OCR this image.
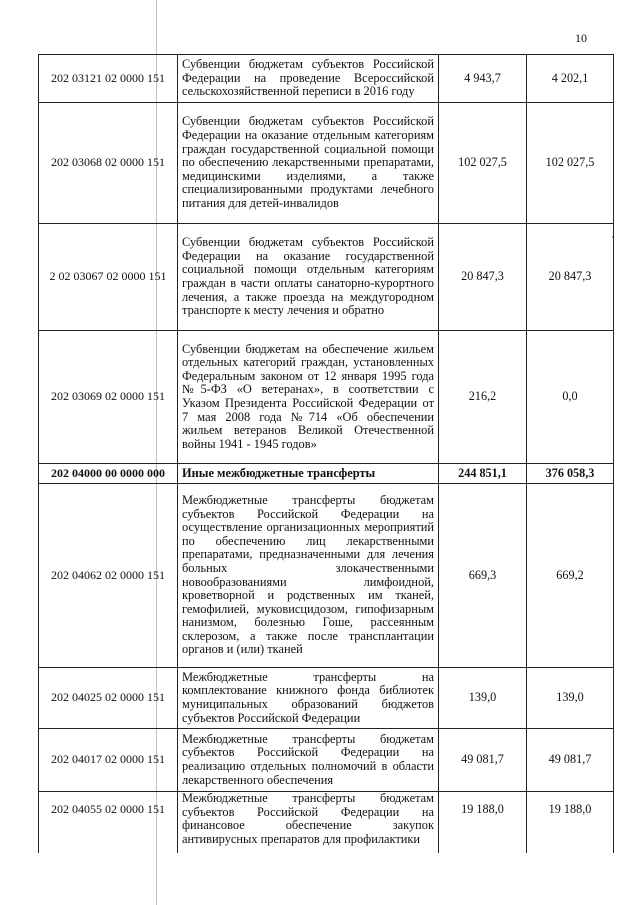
10
202 03121 02 0000 151	Субвенции бюджетам субъектов Российской Федерации на проведение Всероссийской сельскохозяйственной переписи в 2016 году	4 943,7	4 202,1
202 03068 02 0000 151	Субвенции бюджетам субъектов Российской Федерации на оказание отдельным категориям граждан государственной социальной помощи по обеспечению лекарственными препаратами, медицинскими изделиями, а также специализированными продуктами лечебного питания для детей-инвалидов	102 027,5	102 027,5
2 02 03067 02 0000 151	Субвенции бюджетам субъектов Российской Федерации на оказание государственной социальной помощи отдельным категориям граждан в части оплаты санаторно-курортного лечения, а также проезда на междугородном транспорте к месту лечения и обратно	20 847,3	20 847,3
202 03069 02 0000 151	Субвенции бюджетам на обеспечение жильем отдельных категорий граждан, установленных Федеральным законом от 12 января 1995 года №5-ФЗ «О ветеранах», в соответствии с Указом Президента Российской Федерации от 7 мая 2008 года №714 «Об обеспечении жильем ветеранов Великой Отечественной войны 1941 - 1945 годов»	216,2	0,0
202 04000 00 0000 000	Иные межбюджетные трансферты	244 851,1	376 058,3
202 04062 02 0000 151	Межбюджетные трансферты бюджетам субъектов Российской Федерации на осуществление организационных мероприятий по обеспечению лиц лекарственными препаратами, предназначенными для лечения больных злокачественными новообразованиями лимфоидной, кроветворной и родственных им тканей, гемофилией, муковисцидозом, гипофизарным нанизмом, болезнью Гоше, рассеянным склерозом, а также после трансплантации органов и (или) тканей	669,3	669,2
202 04025 02 0000 151	Межбюджетные трансферты на комплектование книжного фонда библиотек муниципальных образований бюджетов субъектов Российской Федерации	139,0	139,0
202 04017 02 0000 151	Межбюджетные трансферты бюджетам субъектов Российской Федерации на реализацию отдельных полномочий в области лекарственного обеспечения	49 081,7	49 081,7
202 04055 02 0000 151	Межбюджетные трансферты бюджетам субъектов Российской Федерации на финансовое обеспечение закупок антивирусных препаратов для профилактики	19 188,0	19 188,0
